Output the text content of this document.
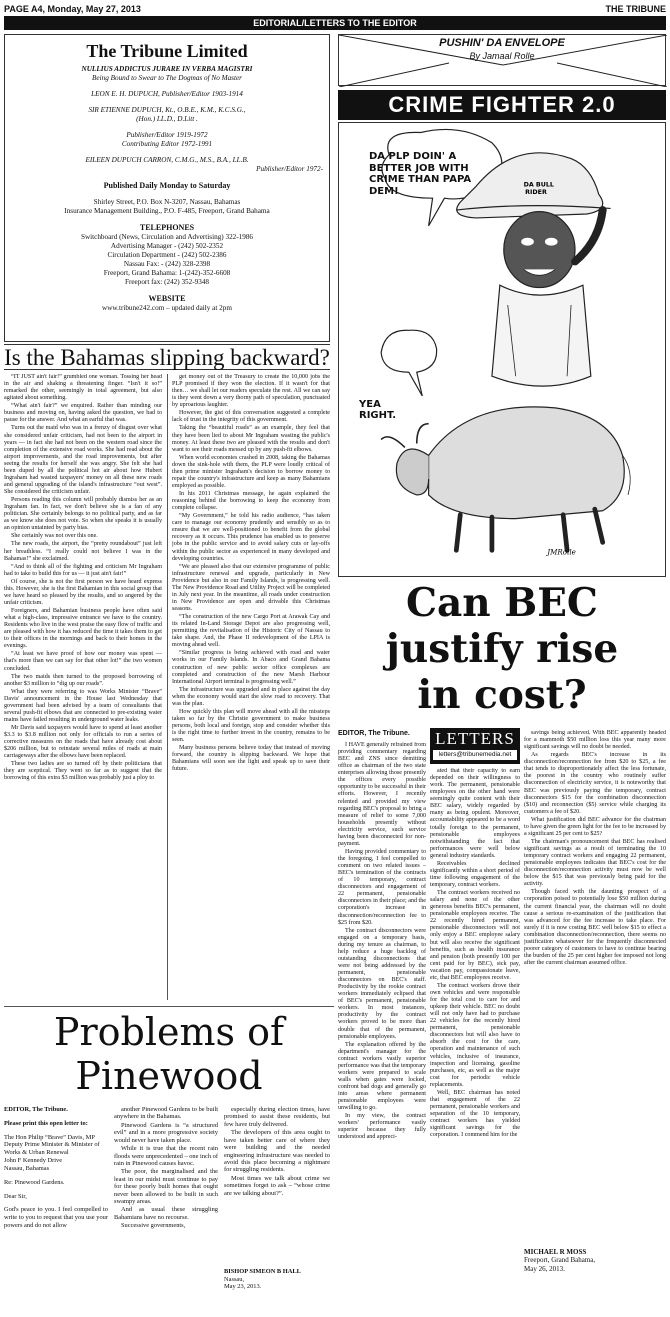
PAGE A4, Monday, May 27, 2013	THE TRIBUNE
EDITORIAL/LETTERS TO THE EDITOR
The Tribune Limited
NULLIUS ADDICTUS JURARE IN VERBA MAGISTRI
Being Bound to Swear to The Dogmas of No Master
LEON E. H. DUPUCH, Publisher/Editor 1903-1914
SIR ETIENNE DUPUCH, Kt., O.B.E., K.M., K.C.S.G.,
(Hon.) LL.D., D.Litt .
Publisher/Editor 1919-1972
Contributing Editor 1972-1991
EILEEN DUPUCH CARRON, C.M.G., M.S., B.A., LL.B.
Publisher/Editor 1972-
Published Daily Monday to Saturday
Shirley Street, P.O. Box N-3207, Nassau, Bahamas
Insurance Management Building., P.O. F-485, Freeport, Grand Bahama
TELEPHONES
Switchboard (News, Circulation and Advertising) 322-1986
Advertising Manager - (242) 502-2352
Circulation Department - (242) 502-2386
Nassau Fax: - (242) 328-2398
Freeport, Grand Bahama: 1-(242)-352-6608
Freeport fax: (242) 352-9348
WEBSITE
www.tribune242.com – updated daily at 2pm
Is the Bahamas slipping backward?

“IT JUST ain't fair!” grumbled one woman. Tossing her head in the air and shaking a threatening finger. “Isn't it so!” remarked the other, seemingly in total agreement, but also agitated about something.

“What ain't fair?” we enquired. Rather than minding our business and moving on, having asked the question, we had to pause for the answer. And what an earful that was.

Turns out the maid who was in a frenzy of disgust over what she considered unfair criticism, had not been to the airport in years — in fact she had not been on the western road since the completion of the extensive road works. She had read about the airport improvements, and the road improvements, but after seeing the results for herself she was angry. She felt she had been duped by all the political hot air about how Hubert Ingraham had wasted taxpayers' money on all these new roads and general upgrading of the island's infrastructure “out west”. She considered the criticism unfair.

Persons reading this column will probably dismiss her as an Ingraham fan. In fact, we don't believe she is a fan of any politician. She certainly belongs to no political party, and as far as we know she does not vote. So when she speaks it is usually an opinion untainted by party bias.

She certainly was not over this one.

The new roads, the airport, the “pretty roundabout” just left her breathless. “I really could not believe I was in the Bahamas!” she exclaimed.

“And to think all of the fighting and criticism Mr Ingraham had to take to build this for us — it just ain't fair!”

Of course, she is not the first person we have heard express this. However, she is the first Bahamian in this social group that we have heard so pleased by the results, and so angered by the unfair criticism.

Foreigners, and Bahamian business people have often said what a high-class, impressive entrance we have to the country. Residents who live in the west praise the easy flow of traffic and are pleased with how it has reduced the time it takes them to get to their offices in the mornings and back to their homes in the evenings.

“At least we have proof of how our money was spent — that's more than we can say for that other lot!” the two women concluded.

The two maids then turned to the proposed borrowing of another $3 million to “dig up our roads”.

What they were referring to was Works Minister “Brave” Davis' announcement in the House last Wednesday that government had been advised by a team of consultants that several push-fit elbows that are connected to pre-existing water mains have failed resulting in underground water leaks.

Mr Davis said taxpayers would have to spend at least another $3.3 to $3.8 million not only for officials to run a series of corrective measures on the roads that have already cost about $206 million, but to reinstate several miles of roads at main carriageways after the elbows have been replaced.

These two ladies are so turned off by their politicians that they are sceptical. They went so far as to suggest that the borrowing of this extra $3 million was probably just a ploy to

get money out of the Treasury to create the 10,000 jobs the PLP promised if they won the election. If it wasn't for that then… we shall let our readers speculate the rest. All we can say is they went down a very thorny path of speculation, punctuated by uproarious laughter.

However, the gist of this conversation suggested a complete lack of trust in the integrity of this government.

Taking the “beautiful roads” as an example, they feel that they have been lied to about Mr Ingraham wasting the public's money. At least these two are pleased with the results and don't want to see their roads messed up by any push-fit elbows.

When world economies crashed in 2008, taking the Bahamas down the sink-hole with them, the PLP were loudly critical of then prime minister Ingraham's decision to borrow money to repair the country's infrastructure and keep as many Bahamians employed as possible.

In his 2011 Christmas message, he again explained the reasoning behind the borrowing to keep the economy from complete collapse.

“My Government,” he told his radio audience, “has taken care to manage our economy prudently and sensibly so as to ensure that we are well-positioned to benefit from the global recovery as it occurs. This prudence has enabled us to preserve jobs in the public service and to avoid salary cuts or lay-offs within the public sector as experienced in many developed and developing countries.

“We are pleased also that our extensive programme of public infrastructure renewal and upgrade, particularly in New Providence but also in our Family Islands, is progressing well. The New Providence Road and Utility Project will be completed in July next year. In the meantime, all roads under construction in New Providence are open and drivable this Christmas seasons.

“The construction of the new Cargo Port at Arawak Cay and its related In-Land Storage Depot are also progressing well, permitting the revitalisation of the Historic City of Nassau to take shape. And, the Phase II redevelopment of the LPIA is moving ahead well.

“Similar progress is being achieved with road and water works in our Family Islands. In Abaco and Grand Bahama construction of new public sector office complexes are completed and construction of the new Marsh Harbour International Airport terminal is progressing well.”

The infrastructure was upgraded and in place against the day when the economy would start the slow road to recovery. That was the plan.

How quickly this plan will move ahead with all the missteps taken so far by the Christie government to make business persons, both local and foreign, stop and consider whether this is the right time to further invest in the country, remains to be seen.

Many business persons believe today that instead of moving forward, the country is slipping backward. We hope that Bahamians will soon see the light and speak up to save their future.

PUSHIN' DA ENVELOPE
By Jamaal Rolle
CRIME FIGHTER 2.0
DA BULL
RIDER
JMRolle
DA PLP DOIN' A BETTER JOB WITH CRIME THAN PAPA DEM!
YEA RIGHT.
Can BEC
justify rise
EDITOR, The Tribune.	LETTERS
letters@tribunemedia.net

I HAVE generally refrained from providing commentary regarding BEC and ZNS since demitting office as chairman of the two state enterprises allowing those presently the offices every possible opportunity to be successful in their efforts. However, I recently relented and provided my view regarding BEC's proposal to bring a measure of relief to some 7,000 households presently without electricity service, such service having been disconnected for non-payment.

Having provided commentary to the foregoing, I feel compelled to comment on two related issues – BEC's termination of the contracts of 10 temporary, contract disconnectors and engagement of 22 permanent, pensionable disconnectors in their place; and the corporation's increase in disconnection/reconnection fee to $25 from $20.

The contract disconnectors were engaged on a temporary basis, during my tenure as chairman, to help reduce a huge backlog of outstanding disconnections that were not being addressed by the permanent, pensionable disconnectors on BEC's staff. Productivity by the rookie contract workers immediately eclipsed that of BEC's permanent, pensionable workers. In most instances, productivity by the contract workers proved to be more than double that of the permanent, pensionable employees.

The explanation offered by the department's manager for the contract workers vastly superior performance was that the temporary workers were prepared to scale walls when gates were locked, confront bad dogs and generally go into areas where permanent pensionable employees were unwilling to go.

In my view, the contract workers' performance vastly superior because they fully understood and appreci-

ated that their capacity to earn depended on their willingness to work. The permanent, pensionable employees on the other hand were seemingly quite content with their BEC salary, widely regarded by many as being opulent. Moreover, accountability appeared to be a word totally foreign to the permanent, pensionable employees notwithstanding the fact that performances were well below general industry standards.

Receivables declined significantly within a short period of time following engagement of the temporary, contract workers.

The contract workers received no salary and none of the other generous benefits BEC's permanent, pensionable employees receive. The 22 recently hired permanent, pensionable disconnectors will not only enjoy a BEC employee salary but will also receive the significant benefits, such as health insurance and pension (both presently 100 per cent paid for by BEC), sick pay, vacation pay, compassionate leave, etc, that BEC employees receive.

The contract workers drove their own vehicles and were responsible for the total cost to care for and upkeep their vehicle. BEC no doubt will not only have had to purchase 22 vehicles for the recently hired permanent, pensionable disconnectors but will also have to absorb the cost for the care, operation and maintenance of such vehicles, inclusive of insurance, inspection and licensing, gasoline purchases, etc, as well as the major cost for periodic vehicle replacements.

Well, BEC chairman has noted that engagement of the 22 permanent, pensionable workers and separation of the 10 temporary, contract workers has yielded significant savings for the corporation. I commend him for the

savings being achieved. With BEC apparently headed for a mammoth $50 million loss this year many more significant savings will no doubt be needed.

As regards BEC's increase in its disconnection/reconnection fee from $20 to $25, a fee that tends to disproportionately affect the less fortunate, the poorest in the country who routinely suffer disconnection of electricity service, it is noteworthy that BEC was previously paying the temporary, contract disconnectors $15 for the combination disconnection ($10) and reconnection ($5) service while charging its customers a fee of $20.

What justification did BEC advance for the chairman to have given the green light for the fee to be increased by a significant 25 per cent to $25?

The chairman's pronouncement that BEC has realised significant savings as a result of terminating the 10 temporary contract workers and engaging 22 permanent, pensionable employees indicates that BEC's cost for the disconnection/reconnection activity must now be well below the $15 that was previously being paid for the activity.

Though faced with the daunting prospect of a corporation poised to potentially lose $50 million during the current financial year, the chairman will no doubt cause a serious re-examination of the justification that was advanced for the fee increase to take place. For surely if it is now costing BEC well below $15 to effect a combination disconnection/reconnection, there seems no justification whatsoever for the frequently disconnected poorer category of customers to have to continue bearing the burden of the 25 per cent higher fee imposed not long after the current chairman assumed office.

MICHAEL R MOSS
Freeport, Grand Bahama,
May 26, 2013.
Problems of
Pinewood
EDITOR, The Tribune.
Please print this open letter to:
The Hon Philip “Brave” Davis, MP
Deputy Prime Minister & Minister of Works & Urban Renewal
John F Kennedy Drive
Nassau, Bahamas
Re: Pinewood Gardens.
Dear Sir,
God's peace to you. I feel compelled to write to you to request that you use your powers and do not allow

another Pinewood Gardens to be built anywhere in the Bahamas.

Pinewood Gardens is “a structured evil” and in a more progressive society would never have taken place.

While it is true that the recent rain floods were unprecedented – one inch of rain in Pinewood causes havoc.

The poor, the marginalised and the least in our midst must continue to pay for these poorly built homes that ought never been allowed to be built in such swampy areas.

And as usual these struggling Bahamians have no recourse.

Successive governments,

especially during election times, have promised to assist these residents, but few have truly delivered.

The developers of this area ought to have taken better care of where they were building and the needed engineering infrastructure was needed to avoid this place becoming a nightmare for struggling residents.

Most times we talk about crime we sometimes forget to ask – “whose crime are we talking about?”.

BISHOP SIMEON B HALL
Nassau,
May 23, 2013.
in cost?
